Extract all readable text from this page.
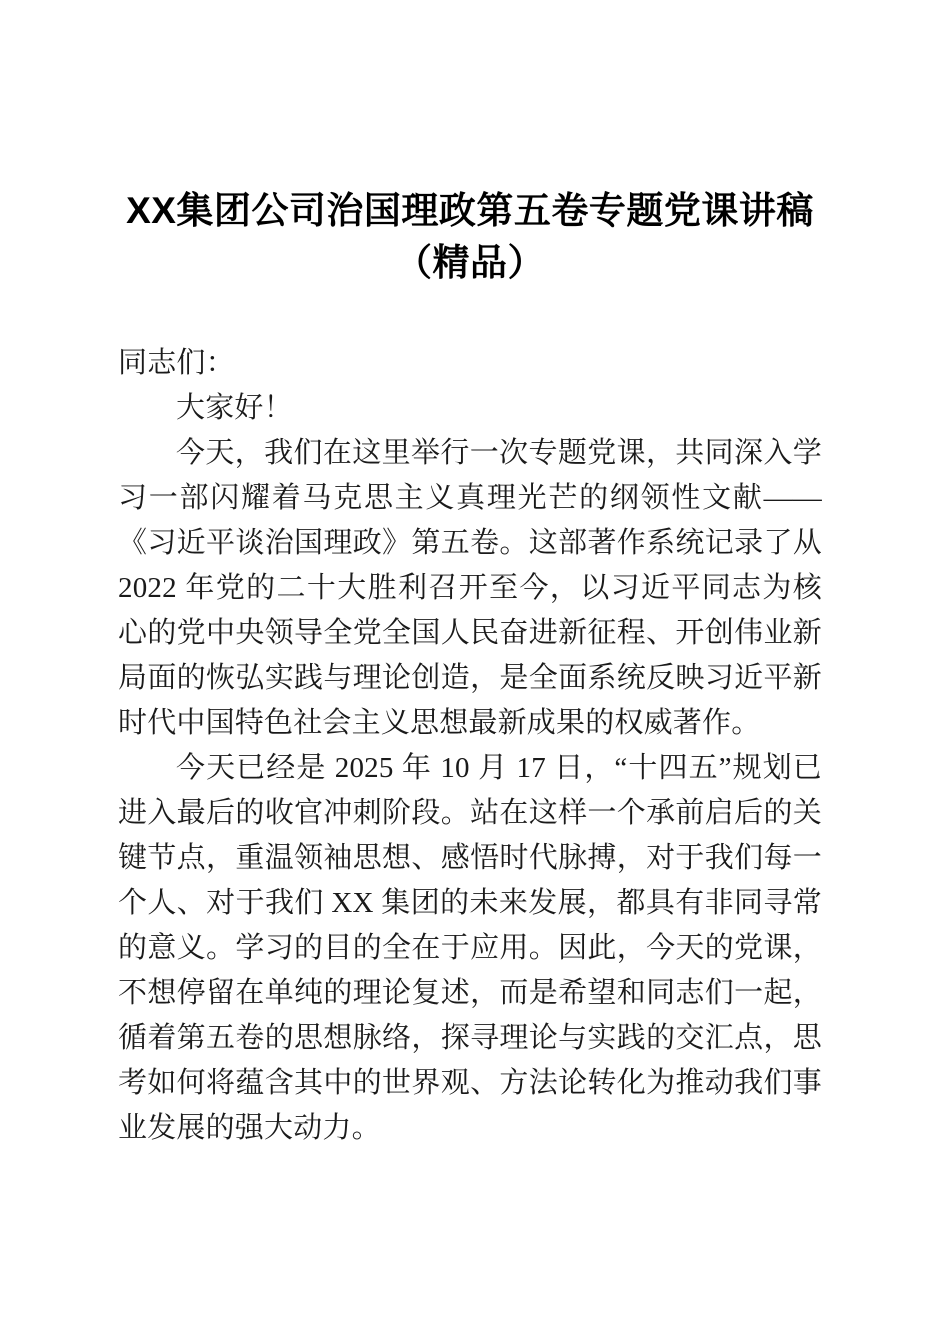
XX集团公司治国理政第五卷专题党课讲稿（精品）

同志们：

大家好！

今天，我们在这里举行一次专题党课，共同深入学习一部闪耀着马克思主义真理光芒的纲领性文献——《习近平谈治国理政》第五卷。这部著作系统记录了从 2022 年党的二十大胜利召开至今，以习近平同志为核心的党中央领导全党全国人民奋进新征程、开创伟业新局面的恢弘实践与理论创造，是全面系统反映习近平新时代中国特色社会主义思想最新成果的权威著作。

今天已经是 2025 年 10 月 17 日，“十四五”规划已进入最后的收官冲刺阶段。站在这样一个承前启后的关键节点，重温领袖思想、感悟时代脉搏，对于我们每一个人、对于我们 XX 集团的未来发展，都具有非同寻常的意义。学习的目的全在于应用。因此，今天的党课，不想停留在单纯的理论复述，而是希望和同志们一起，循着第五卷的思想脉络，探寻理论与实践的交汇点，思考如何将蕴含其中的世界观、方法论转化为推动我们事业发展的强大动力。
